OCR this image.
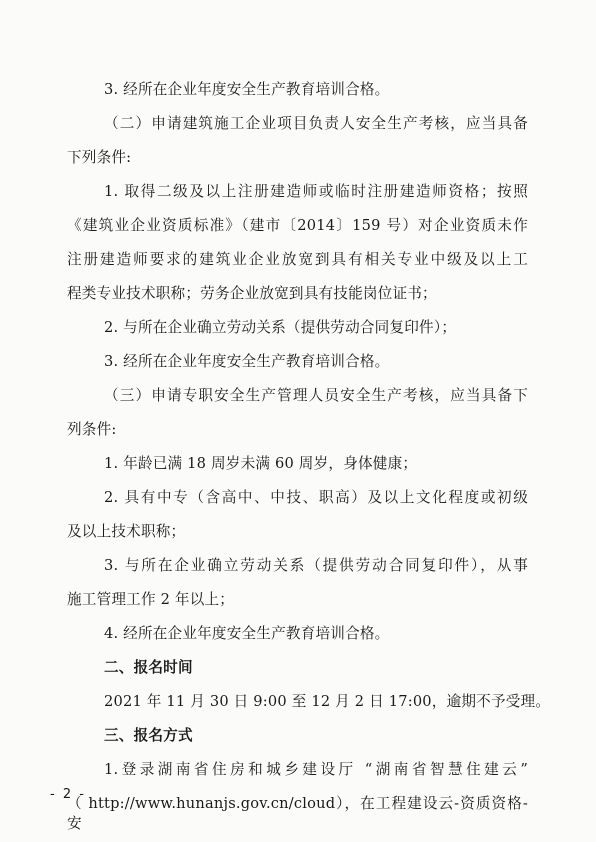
3. 经所在企业年度安全生产教育培训合格。
（二）申请建筑施工企业项目负责人安全生产考核，应当具备
下列条件:
1. 取得二级及以上注册建造师或临时注册建造师资格；按照
《建筑业企业资质标准》（建市〔2014〕159 号）对企业资质未作
注册建造师要求的建筑业企业放宽到具有相关专业中级及以上工
程类专业技术职称；劳务企业放宽到具有技能岗位证书；
2. 与所在企业确立劳动关系（提供劳动合同复印件）；
3. 经所在企业年度安全生产教育培训合格。
（三）申请专职安全生产管理人员安全生产考核，应当具备下
列条件:
1. 年龄已满 18 周岁未满 60 周岁，身体健康；
2. 具有中专（含高中、中技、职高）及以上文化程度或初级
及以上技术职称；
3. 与所在企业确立劳动关系（提供劳动合同复印件），从事
施工管理工作 2 年以上；
4. 经所在企业年度安全生产教育培训合格。
二、报名时间
2021 年 11 月 30 日 9:00 至 12 月 2 日 17:00，逾期不予受理。
三、报名方式
1.登录湖南省住房和城乡建设厅 “湖南省智慧住建云”
（ http://www.hunanjs.gov.cn/cloud），在工程建设云-资质资格-安
- 2 -
